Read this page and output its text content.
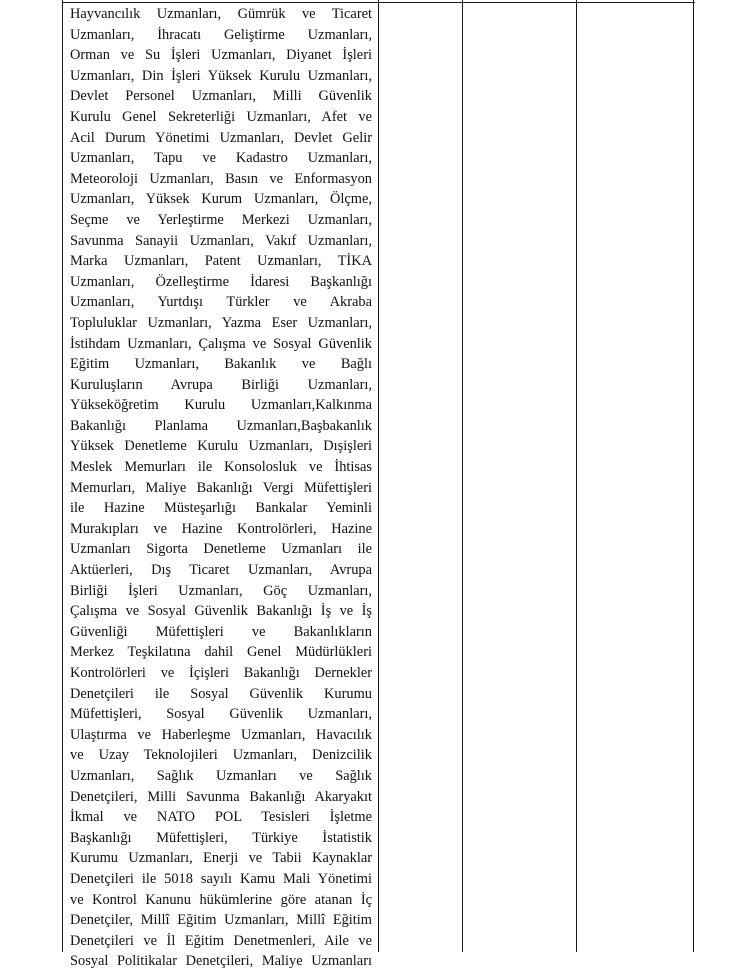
Hayvancılık Uzmanları, Gümrük ve Ticaret
Uzmanları, İhracatı Geliştirme Uzmanları,
Orman ve Su İşleri Uzmanları, Diyanet İşleri
Uzmanları, Din İşleri Yüksek Kurulu Uzmanları,
Devlet Personel Uzmanları, Milli Güvenlik
Kurulu Genel Sekreterliği Uzmanları, Afet ve
Acil Durum Yönetimi Uzmanları, Devlet Gelir
Uzmanları, Tapu ve Kadastro Uzmanları,
Meteoroloji Uzmanları, Basın ve Enformasyon
Uzmanları, Yüksek Kurum Uzmanları, Ölçme,
Seçme ve Yerleştirme Merkezi Uzmanları,
Savunma Sanayii Uzmanları, Vakıf Uzmanları,
Marka Uzmanları, Patent Uzmanları, TİKA
Uzmanları, Özelleştirme İdaresi Başkanlığı
Uzmanları, Yurtdışı Türkler ve Akraba
Topluluklar Uzmanları, Yazma Eser Uzmanları,
İstihdam Uzmanları, Çalışma ve Sosyal Güvenlik
Eğitim Uzmanları, Bakanlık ve Bağlı
Kuruluşların Avrupa Birliği Uzmanları,
Yükseköğretim Kurulu Uzmanları,Kalkınma
Bakanlığı Planlama Uzmanları,Başbakanlık
Yüksek Denetleme Kurulu Uzmanları, Dışişleri
Meslek Memurları ile Konsolosluk ve İhtisas
Memurları, Maliye Bakanlığı Vergi Müfettişleri
ile Hazine Müsteşarlığı Bankalar Yeminli
Murakıpları ve Hazine Kontrolörleri, Hazine
Uzmanları Sigorta Denetleme Uzmanları ile
Aktüerleri, Dış Ticaret Uzmanları, Avrupa
Birliği İşleri Uzmanları, Göç Uzmanları,
Çalışma ve Sosyal Güvenlik Bakanlığı İş ve İş
Güvenliği Müfettişleri ve Bakanlıkların
Merkez Teşkilatına dahil Genel Müdürlükleri
Kontrolörleri ve İçişleri Bakanlığı Dernekler
Denetçileri ile Sosyal Güvenlik Kurumu
Müfettişleri, Sosyal Güvenlik Uzmanları,
Ulaştırma ve Haberleşme Uzmanları, Havacılık
ve Uzay Teknolojileri Uzmanları, Denizcilik
Uzmanları, Sağlık Uzmanları ve Sağlık
Denetçileri, Milli Savunma Bakanlığı Akaryakıt
İkmal ve NATO POL Tesisleri İşletme
Başkanlığı Müfettişleri, Türkiye İstatistik
Kurumu Uzmanları, Enerji ve Tabii Kaynaklar
Denetçileri ile 5018 sayılı Kamu Mali Yönetimi
ve Kontrol Kanunu hükümlerine göre atanan İç
Denetçiler, Millî Eğitim Uzmanları, Millî Eğitim
Denetçileri ve İl Eğitim Denetmenleri, Aile ve
Sosyal Politikalar Denetçileri, Maliye Uzmanları
